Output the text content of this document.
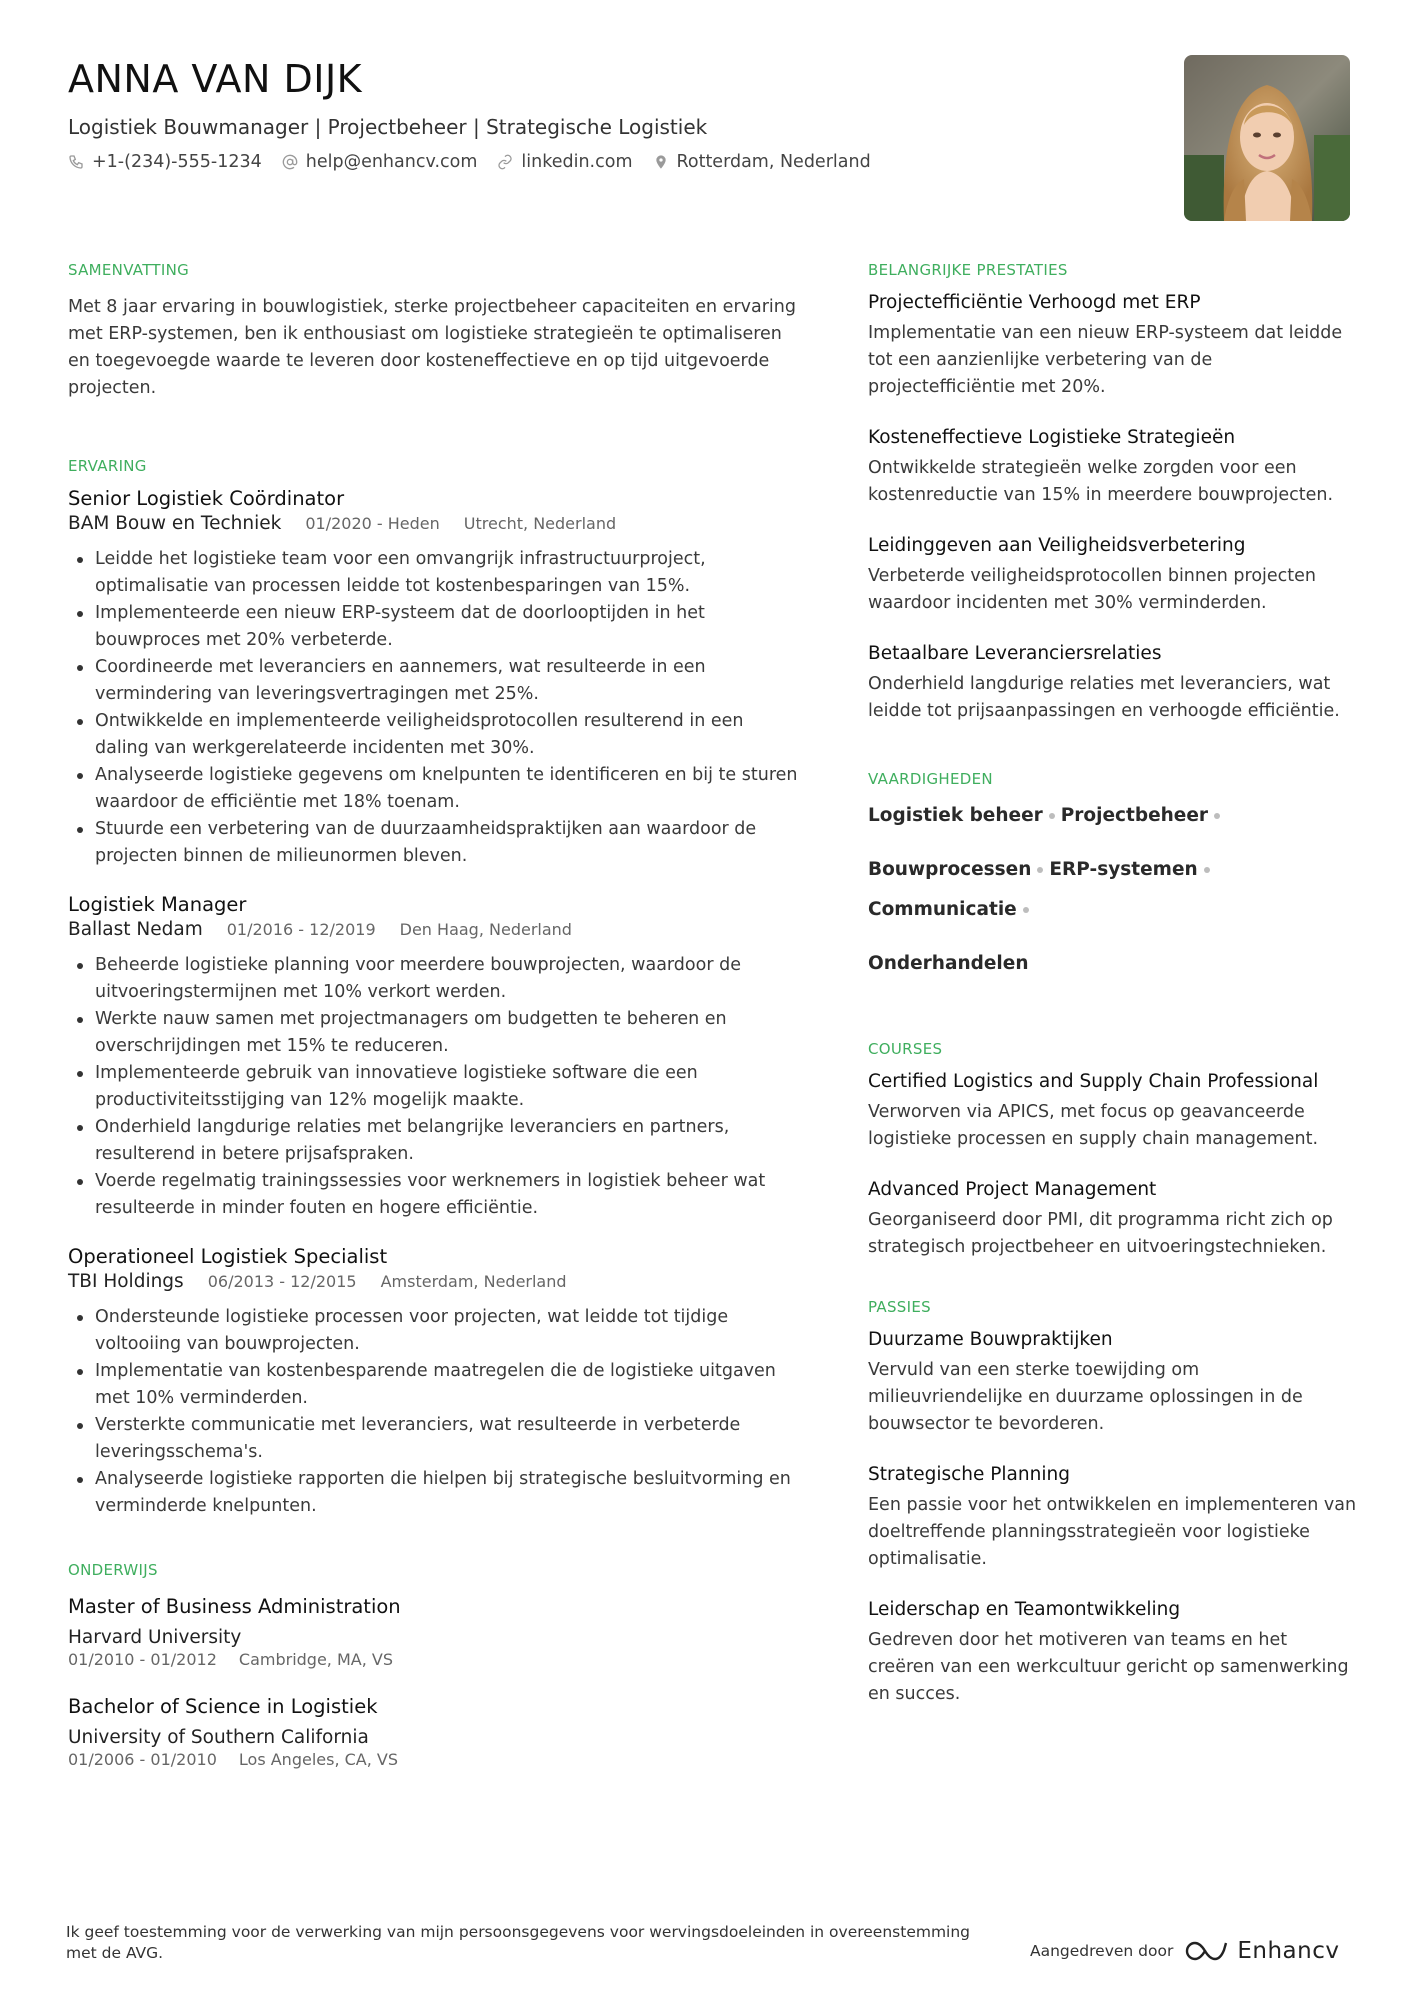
ANNA VAN DIJK
Logistiek Bouwmanager | Projectbeheer | Strategische Logistiek
+1-(234)-555-1234	help@enhancv.com	linkedin.com	Rotterdam, Nederland
SAMENVATTING
Met 8 jaar ervaring in bouwlogistiek, sterke projectbeheer capaciteiten en ervaring met ERP-systemen, ben ik enthousiast om logistieke strategieën te optimaliseren en toegevoegde waarde te leveren door kosteneffectieve en op tijd uitgevoerde projecten.
ERVARING
Senior Logistiek Coördinator
BAM Bouw en Techniek 01/2020 - Heden Utrecht, Nederland
Leidde het logistieke team voor een omvangrijk infrastructuurproject, optimalisatie van processen leidde tot kostenbesparingen van 15%.
Implementeerde een nieuw ERP-systeem dat de doorlooptijden in het bouwproces met 20% verbeterde.
Coordineerde met leveranciers en aannemers, wat resulteerde in een vermindering van leveringsvertragingen met 25%.
Ontwikkelde en implementeerde veiligheidsprotocollen resulterend in een daling van werkgerelateerde incidenten met 30%.
Analyseerde logistieke gegevens om knelpunten te identificeren en bij te sturen waardoor de efficiëntie met 18% toenam.
Stuurde een verbetering van de duurzaamheidspraktijken aan waardoor de projecten binnen de milieunormen bleven.
Logistiek Manager
Ballast Nedam 01/2016 - 12/2019 Den Haag, Nederland
Beheerde logistieke planning voor meerdere bouwprojecten, waardoor de uitvoeringstermijnen met 10% verkort werden.
Werkte nauw samen met projectmanagers om budgetten te beheren en overschrijdingen met 15% te reduceren.
Implementeerde gebruik van innovatieve logistieke software die een productiviteitsstijging van 12% mogelijk maakte.
Onderhield langdurige relaties met belangrijke leveranciers en partners, resulterend in betere prijsafspraken.
Voerde regelmatig trainingssessies voor werknemers in logistiek beheer wat resulteerde in minder fouten en hogere efficiëntie.
Operationeel Logistiek Specialist
TBI Holdings 06/2013 - 12/2015 Amsterdam, Nederland
Ondersteunde logistieke processen voor projecten, wat leidde tot tijdige voltooiing van bouwprojecten.
Implementatie van kostenbesparende maatregelen die de logistieke uitgaven met 10% verminderden.
Versterkte communicatie met leveranciers, wat resulteerde in verbeterde leveringsschema's.
Analyseerde logistieke rapporten die hielpen bij strategische besluitvorming en verminderde knelpunten.
ONDERWIJS
Master of Business Administration
Harvard University
01/2010 - 01/2012 Cambridge, MA, VS
Bachelor of Science in Logistiek
University of Southern California
01/2006 - 01/2010 Los Angeles, CA, VS
BELANGRIJKE PRESTATIES
Projectefficiëntie Verhoogd met ERP
Implementatie van een nieuw ERP-systeem dat leidde tot een aanzienlijke verbetering van de projectefficiëntie met 20%.
Kosteneffectieve Logistieke Strategieën
Ontwikkelde strategieën welke zorgden voor een kostenreductie van 15% in meerdere bouwprojecten.
Leidinggeven aan Veiligheidsverbetering
Verbeterde veiligheidsprotocollen binnen projecten waardoor incidenten met 30% verminderden.
Betaalbare Leveranciersrelaties
Onderhield langdurige relaties met leveranciers, wat leidde tot prijsaanpassingen en verhoogde efficiëntie.
VAARDIGHEDEN
Logistiek beheer Projectbeheer
Bouwprocessen ERP-systemen
Communicatie
Onderhandelen
COURSES
Certified Logistics and Supply Chain Professional
Verworven via APICS, met focus op geavanceerde logistieke processen en supply chain management.
Advanced Project Management
Georganiseerd door PMI, dit programma richt zich op strategisch projectbeheer en uitvoeringstechnieken.
PASSIES
Duurzame Bouwpraktijken
Vervuld van een sterke toewijding om milieuvriendelijke en duurzame oplossingen in de bouwsector te bevorderen.
Strategische Planning
Een passie voor het ontwikkelen en implementeren van doeltreffende planningsstrategieën voor logistieke optimalisatie.
Leiderschap en Teamontwikkeling
Gedreven door het motiveren van teams en het creëren van een werkcultuur gericht op samenwerking en succes.
Ik geef toestemming voor de verwerking van mijn persoonsgegevens voor wervingsdoeleinden in overeenstemming met de AVG.	Aangedreven door	Enhancv
